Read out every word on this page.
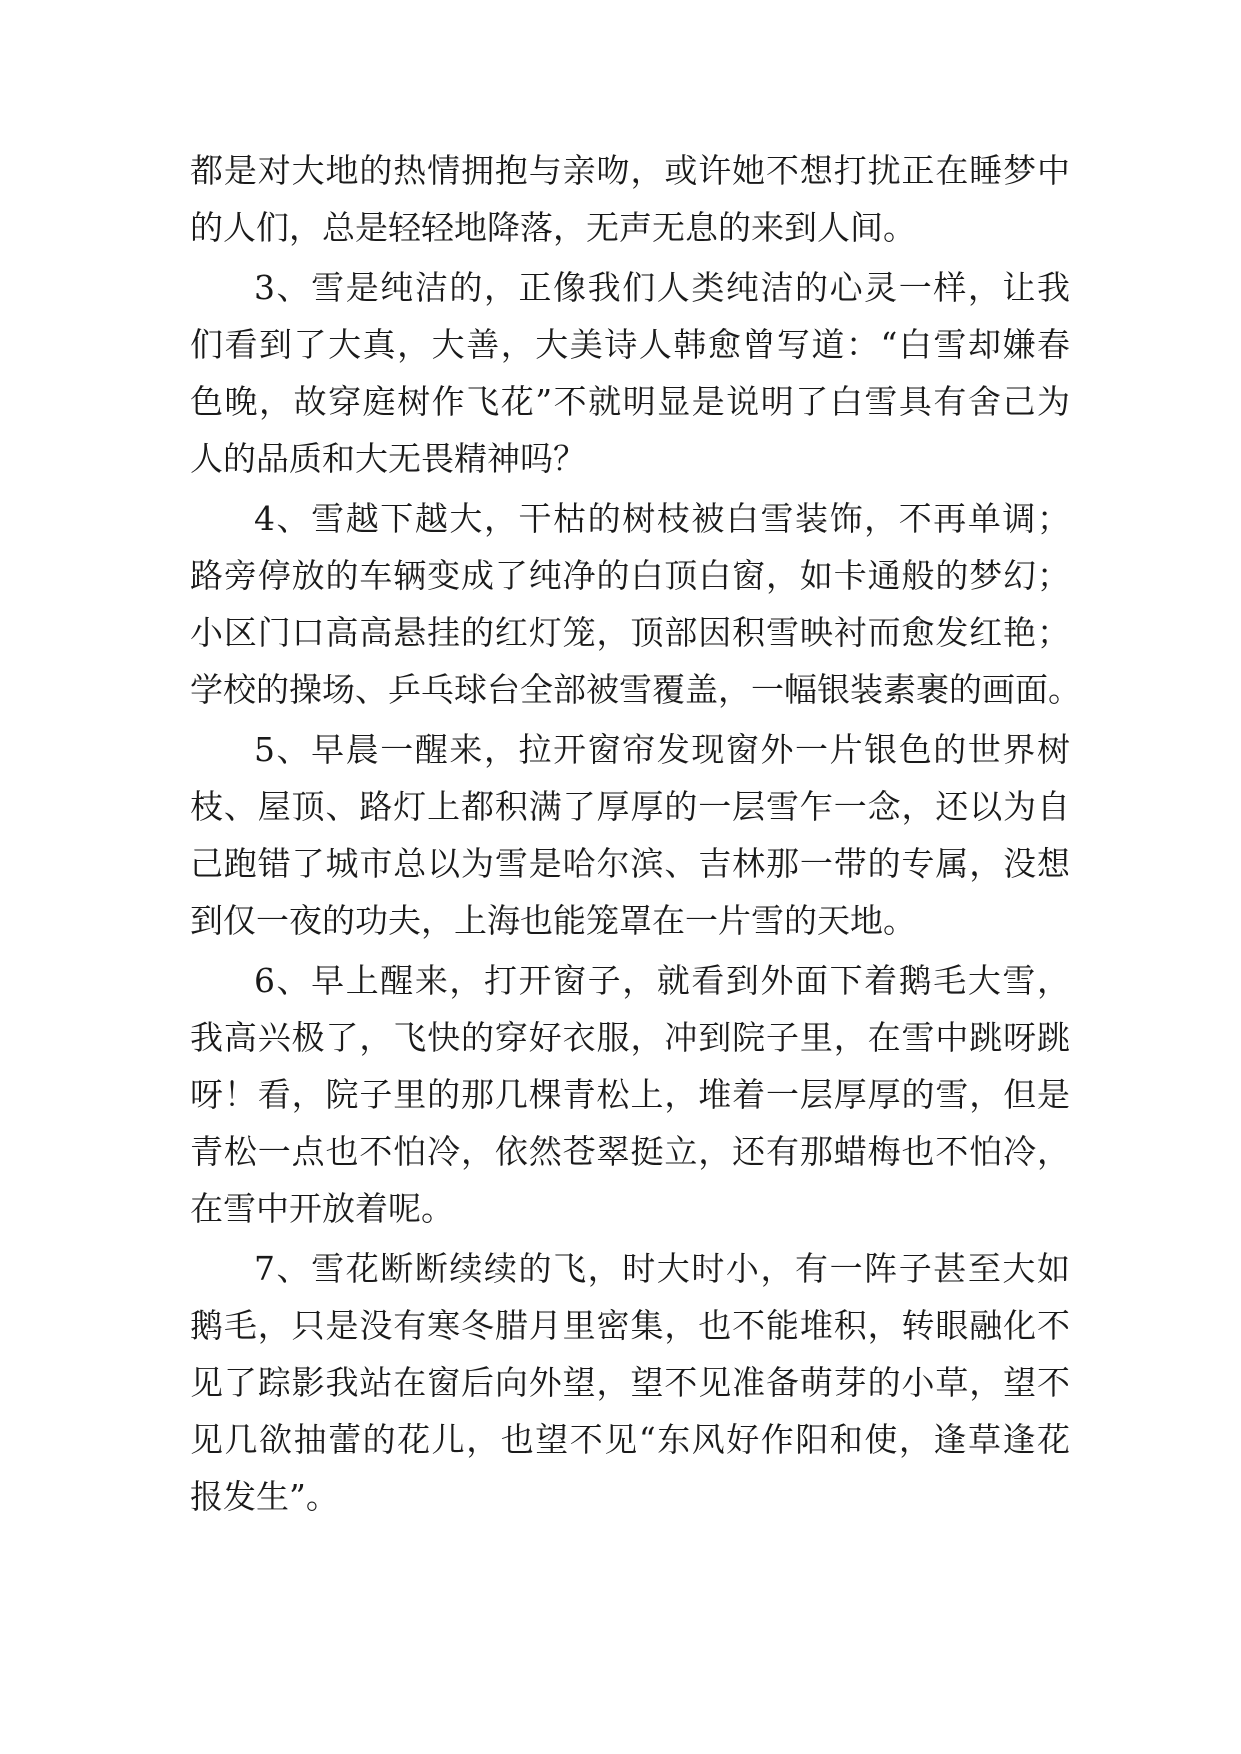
都是对大地的热情拥抱与亲吻，或许她不想打扰正在睡梦中
的人们，总是轻轻地降落，无声无息的来到人间。
3、雪是纯洁的，正像我们人类纯洁的心灵一样，让我
们看到了大真，大善，大美诗人韩愈曾写道：“白雪却嫌春
色晚，故穿庭树作飞花”不就明显是说明了白雪具有舍己为
人的品质和大无畏精神吗？
4、雪越下越大，干枯的树枝被白雪装饰，不再单调；
路旁停放的车辆变成了纯净的白顶白窗，如卡通般的梦幻；
小区门口高高悬挂的红灯笼，顶部因积雪映衬而愈发红艳；
学校的操场、乒乓球台全部被雪覆盖，一幅银装素裹的画面。
5、早晨一醒来，拉开窗帘发现窗外一片银色的世界树
枝、屋顶、路灯上都积满了厚厚的一层雪乍一念，还以为自
己跑错了城市总以为雪是哈尔滨、吉林那一带的专属，没想
到仅一夜的功夫，上海也能笼罩在一片雪的天地。
6、早上醒来，打开窗子，就看到外面下着鹅毛大雪，
我高兴极了，飞快的穿好衣服，冲到院子里，在雪中跳呀跳
呀！看，院子里的那几棵青松上，堆着一层厚厚的雪，但是
青松一点也不怕冷，依然苍翠挺立，还有那蜡梅也不怕冷，
在雪中开放着呢。
7、雪花断断续续的飞，时大时小，有一阵子甚至大如
鹅毛，只是没有寒冬腊月里密集，也不能堆积，转眼融化不
见了踪影我站在窗后向外望，望不见准备萌芽的小草，望不
见几欲抽蕾的花儿，也望不见“东风好作阳和使，逢草逢花
报发生”。
